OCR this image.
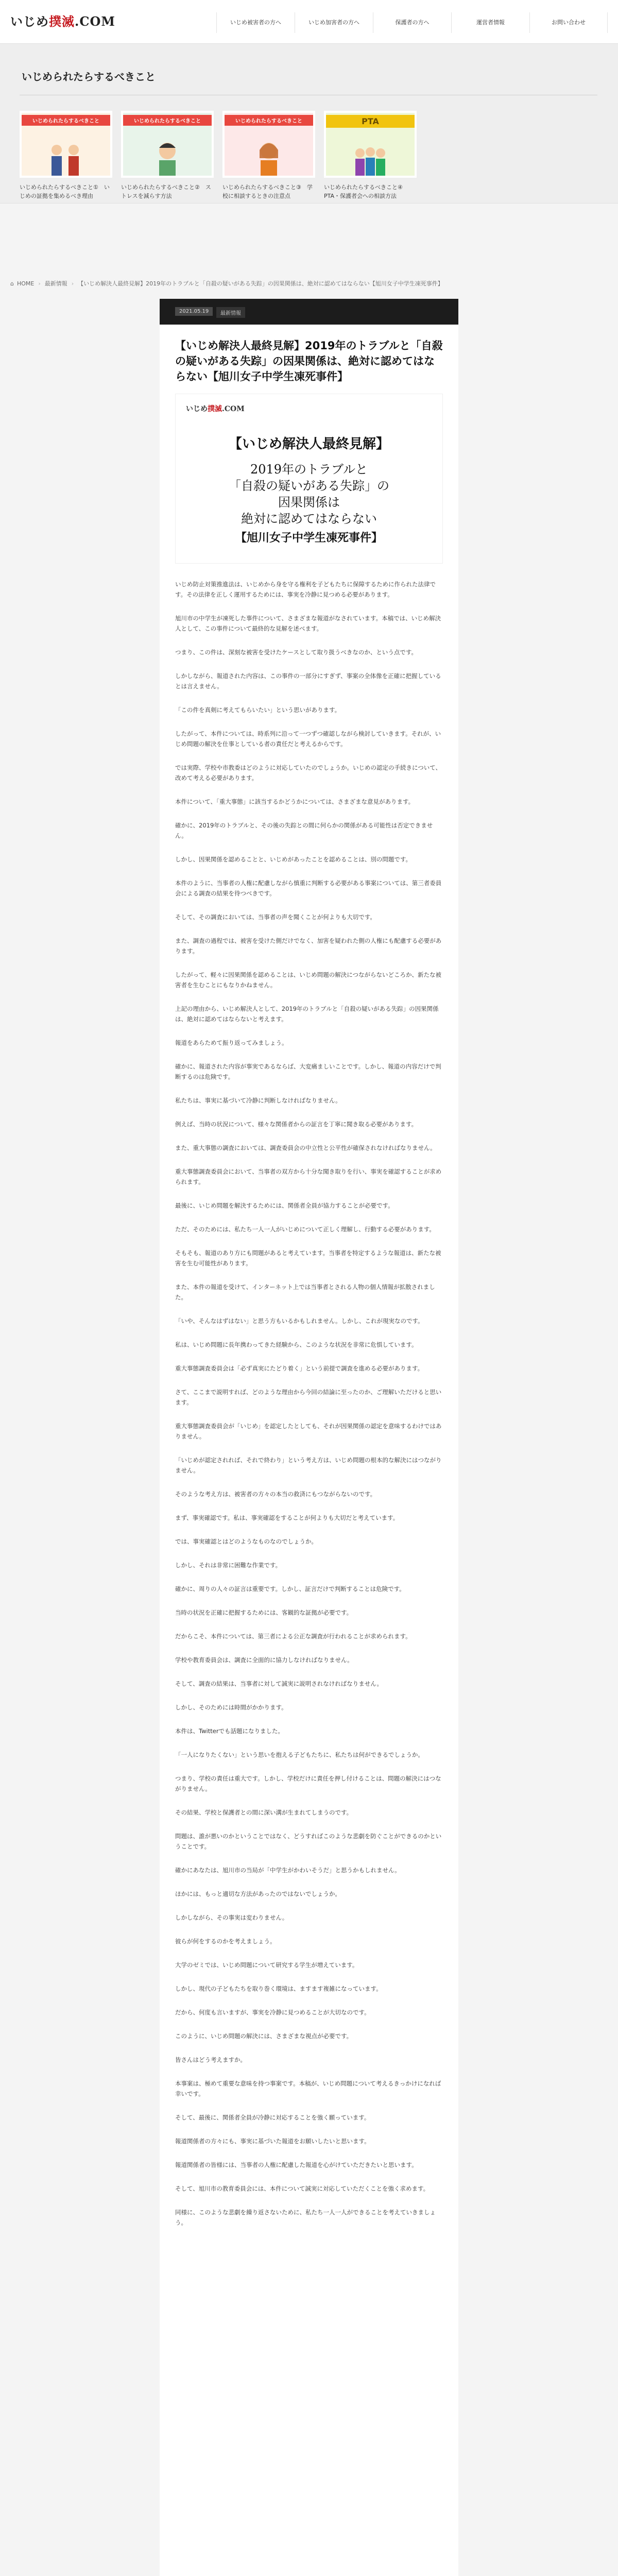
いじめ撲滅.COM	いじめ被害者の方へ	いじめ加害者の方へ	保護者の方へ	運営者情報	お問い合わせ
いじめられたらするべきこと
いじめられたらするべきこと

いじめられたらするべきこと①　いじめの証拠を集めるべき理由

いじめられたらするべきこと

いじめられたらするべきこと②　ストレスを減らす方法

いじめられたらするべきこと

いじめられたらするべきこと③　学校に相談するときの注意点

PTA

いじめられたらするべきこと④　PTA・保護者会への相談方法

⌂ HOME › 最新情報 › 【いじめ解決人最終見解】2019年のトラブルと「自殺の疑いがある失踪」の因果関係は、絶対に認めてはならない【旭川女子中学生凍死事件】
2021.05.19	最新情報
【いじめ解決人最終見解】2019年のトラブルと「自殺の疑いがある失踪」の因果関係は、絶対に認めてはならない【旭川女子中学生凍死事件】
いじめ撲滅.COM
【いじめ解決人最終見解】
2019年のトラブルと
「自殺の疑いがある失踪」の
因果関係は
絶対に認めてはならない
【旭川女子中学生凍死事件】

いじめ防止対策推進法は、いじめから身を守る権利を子どもたちに保障するために作られた法律です。その法律を正しく運用するためには、事実を冷静に見つめる必要があります。

旭川市の中学生が凍死した事件について、さまざまな報道がなされています。本稿では、いじめ解決人として、この事件について最終的な見解を述べます。

つまり、この件は、深刻な被害を受けたケースとして取り扱うべきなのか、という点です。

しかしながら、報道された内容は、この事件の一部分にすぎず、事案の全体像を正確に把握しているとは言えません。

「この件を真剣に考えてもらいたい」という思いがあります。

したがって、本件については、時系列に沿って一つずつ確認しながら検討していきます。それが、いじめ問題の解決を仕事としている者の責任だと考えるからです。

では実際、学校や市教委はどのように対応していたのでしょうか。いじめの認定の手続きについて、改めて考える必要があります。

本件について、「重大事態」に該当するかどうかについては、さまざまな意見があります。

確かに、2019年のトラブルと、その後の失踪との間に何らかの関係がある可能性は否定できません。

しかし、因果関係を認めることと、いじめがあったことを認めることは、別の問題です。

本件のように、当事者の人権に配慮しながら慎重に判断する必要がある事案については、第三者委員会による調査の結果を待つべきです。

そして、その調査においては、当事者の声を聞くことが何よりも大切です。

また、調査の過程では、被害を受けた側だけでなく、加害を疑われた側の人権にも配慮する必要があります。

したがって、軽々に因果関係を認めることは、いじめ問題の解決につながらないどころか、新たな被害者を生むことにもなりかねません。

上記の理由から、いじめ解決人として、2019年のトラブルと「自殺の疑いがある失踪」の因果関係は、絶対に認めてはならないと考えます。

報道をあらためて振り返ってみましょう。

確かに、報道された内容が事実であるならば、大変痛ましいことです。しかし、報道の内容だけで判断するのは危険です。

私たちは、事実に基づいて冷静に判断しなければなりません。

例えば、当時の状況について、様々な関係者からの証言を丁寧に聞き取る必要があります。

また、重大事態の調査においては、調査委員会の中立性と公平性が確保されなければなりません。

重大事態調査委員会において、当事者の双方から十分な聞き取りを行い、事実を確認することが求められます。

最後に、いじめ問題を解決するためには、関係者全員が協力することが必要です。

ただ、そのためには、私たち一人一人がいじめについて正しく理解し、行動する必要があります。

そもそも、報道のあり方にも問題があると考えています。当事者を特定するような報道は、新たな被害を生む可能性があります。

また、本件の報道を受けて、インターネット上では当事者とされる人物の個人情報が拡散されました。

「いや、そんなはずはない」と思う方もいるかもしれません。しかし、これが現実なのです。

私は、いじめ問題に長年携わってきた経験から、このような状況を非常に危惧しています。

重大事態調査委員会は「必ず真実にたどり着く」という前提で調査を進める必要があります。

さて、ここまで説明すれば、どのような理由から今回の結論に至ったのか、ご理解いただけると思います。

重大事態調査委員会が「いじめ」を認定したとしても、それが因果関係の認定を意味するわけではありません。

「いじめが認定されれば、それで終わり」という考え方は、いじめ問題の根本的な解決にはつながりません。

そのような考え方は、被害者の方々の本当の救済にもつながらないのです。

まず、事実確認です。私は、事実確認をすることが何よりも大切だと考えています。

では、事実確認とはどのようなものなのでしょうか。

しかし、それは非常に困難な作業です。

確かに、周りの人々の証言は重要です。しかし、証言だけで判断することは危険です。

当時の状況を正確に把握するためには、客観的な証拠が必要です。

だからこそ、本件については、第三者による公正な調査が行われることが求められます。

学校や教育委員会は、調査に全面的に協力しなければなりません。

そして、調査の結果は、当事者に対して誠実に説明されなければなりません。

しかし、そのためには時間がかかります。

本件は、Twitterでも話題になりました。

「一人になりたくない」という思いを抱える子どもたちに、私たちは何ができるでしょうか。

つまり、学校の責任は重大です。しかし、学校だけに責任を押し付けることは、問題の解決にはつながりません。

その結果、学校と保護者との間に深い溝が生まれてしまうのです。

問題は、誰が悪いのかということではなく、どうすればこのような悲劇を防ぐことができるのかということです。

確かにあなたは、旭川市の当局が「中学生がかわいそうだ」と思うかもしれません。

ほかには、もっと適切な方法があったのではないでしょうか。

しかしながら、その事実は変わりません。

彼らが何をするのかを考えましょう。

大学のゼミでは、いじめ問題について研究する学生が増えています。

しかし、現代の子どもたちを取り巻く環境は、ますます複雑になっています。

だから、何度も言いますが、事実を冷静に見つめることが大切なのです。

このように、いじめ問題の解決には、さまざまな視点が必要です。

皆さんはどう考えますか。

本事案は、極めて重要な意味を持つ事案です。本稿が、いじめ問題について考えるきっかけになれば幸いです。

そして、最後に、関係者全員が冷静に対応することを強く願っています。

報道関係者の方々にも、事実に基づいた報道をお願いしたいと思います。

報道関係者の皆様には、当事者の人権に配慮した報道を心がけていただきたいと思います。

そして、旭川市の教育委員会には、本件について誠実に対応していただくことを強く求めます。

同様に、このような悲劇を繰り返さないために、私たち一人一人ができることを考えていきましょう。
